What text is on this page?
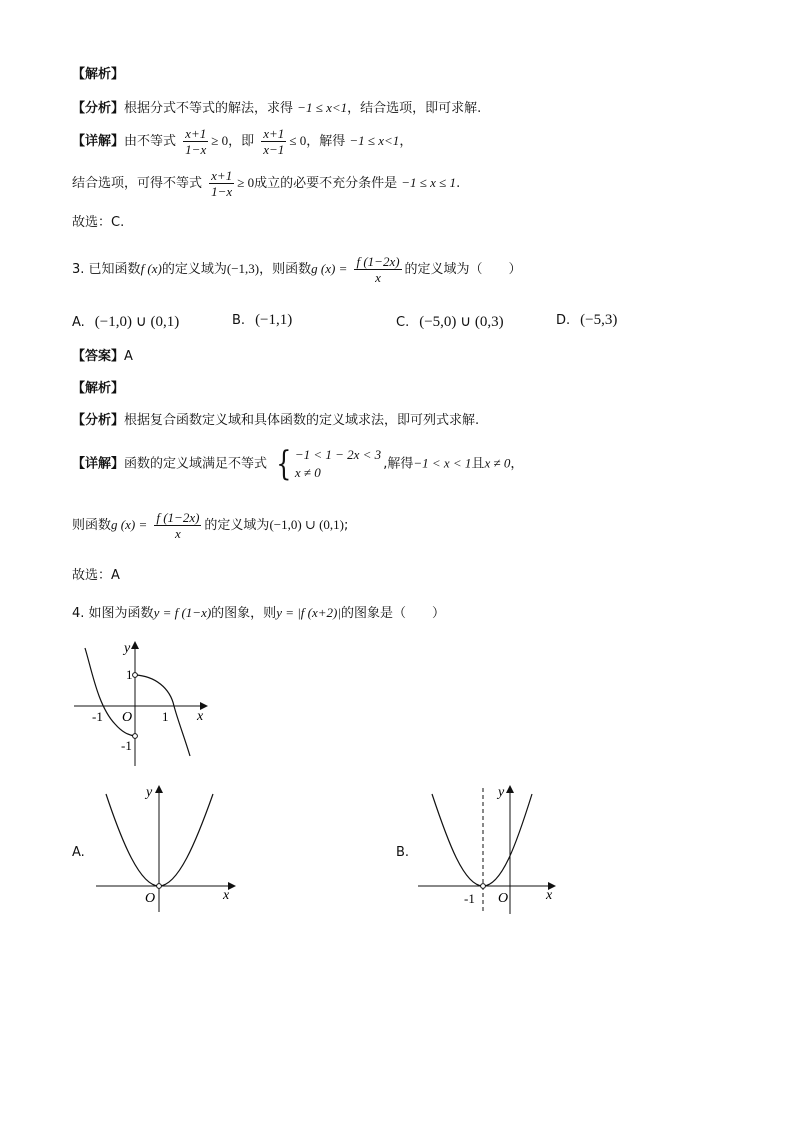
【解析】
【分析】根据分式不等式的解法，求得 −1 ≤ x<1，结合选项，即可求解.
【详解】由不等式 $\frac{x+1}{1-x} \ge 0$，即 $\frac{x+1}{x-1} \le 0$，解得 −1 ≤ x<1，
结合选项，可得不等式 $\frac{x+1}{1-x} \ge 0$成立的必要不充分条件是 −1 ≤ x ≤ 1.
故选：C.
3. 已知函数f (x)的定义域为(−1,3)，则函数g $(x) = \frac{f (1-2x)}{x}$ 的定义域为（　　）
A. (−1,0) ∪ (0,1)	B. (−1,1)	C. (−5,0) ∪ (0,3)	D. (−5,3)
【答案】A
【解析】
【分析】根据复合函数定义域和具体函数的定义域求法，即可列式求解.
【详解】函数的定义域满足不等式 { −1 < 1 − 2x < 3
x ≠ 0
,解得−1 < x < 1且x ≠ 0，
则函数g $(x) = \frac{f (1-2x)}{x}$ 的定义域为(−1,0) ∪ (0,1);
故选：A
4. 如图为函数y = f (1−x)的图象，则y = |f (x+2)|的图象是（　　）
y
x
O
-1	1
1
-1
A.
y
x
O
B.
y
x
O
-1
